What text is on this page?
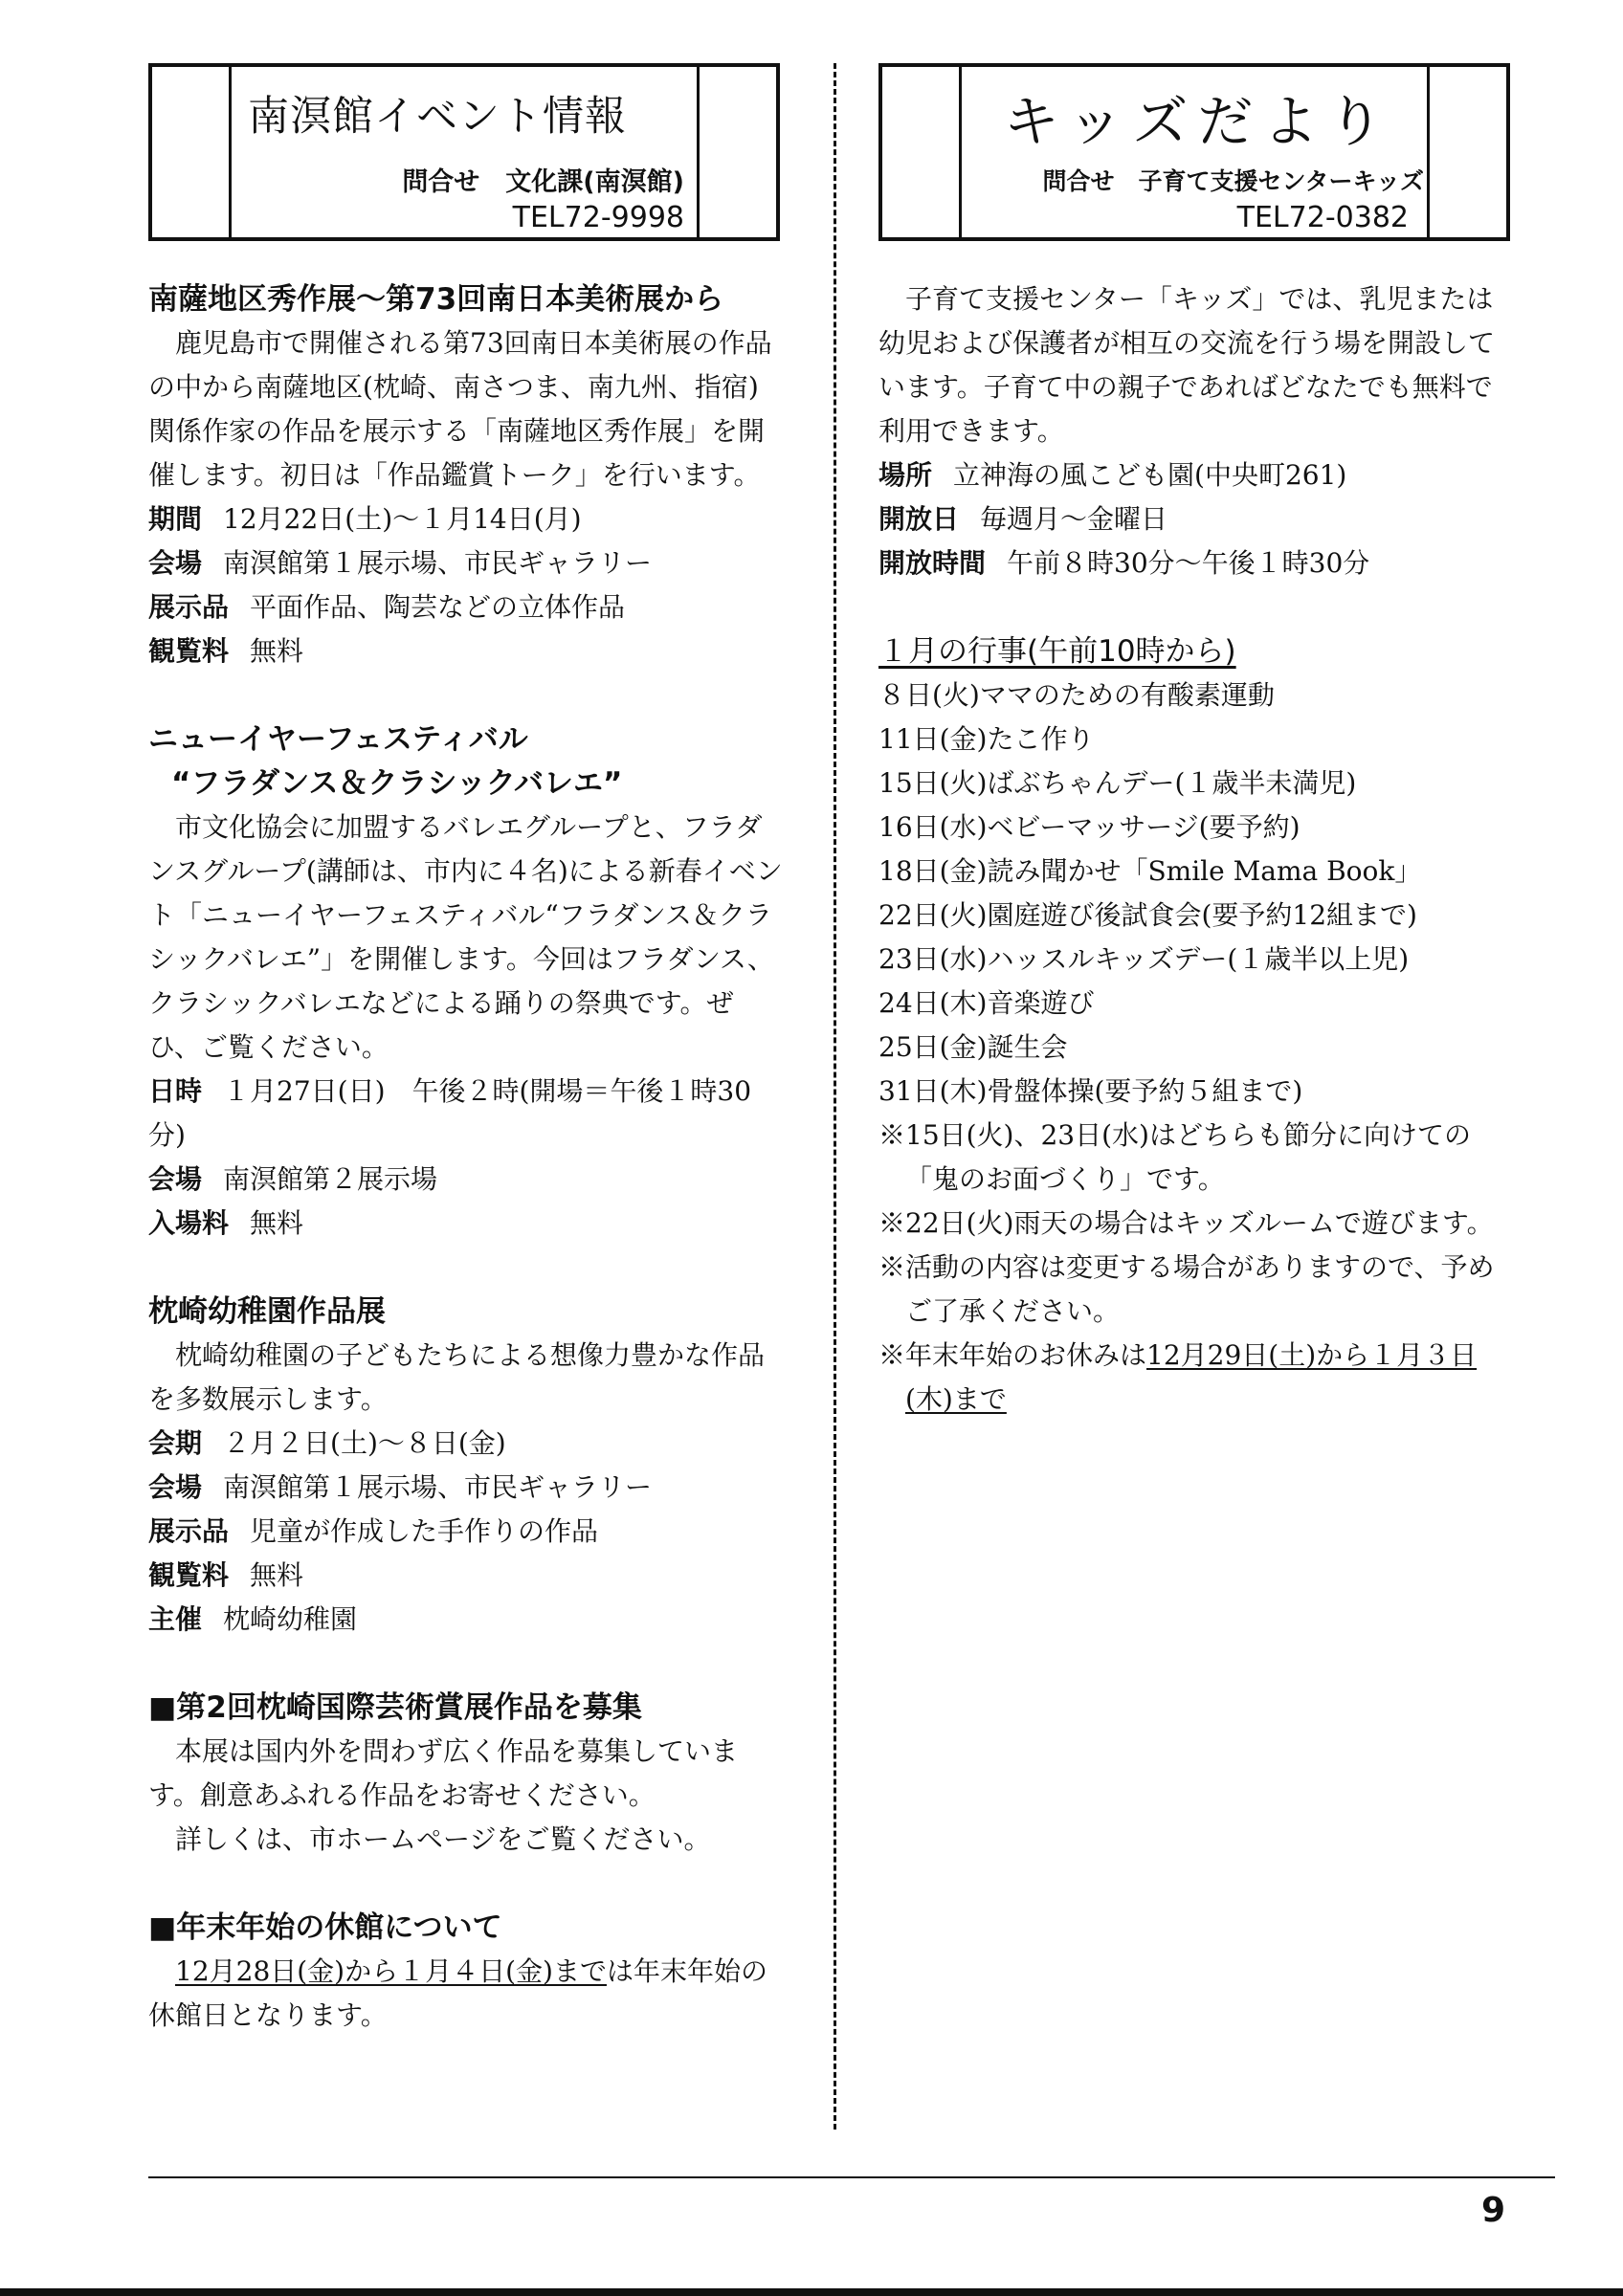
南溟館イベント情報
問合せ　文化課(南溟館)
TEL72-9998
南薩地区秀作展～第73回南日本美術展から

鹿児島市で開催される第73回南日本美術展の作品の中から南薩地区(枕崎、南さつま、南九州、指宿)関係作家の作品を展示する「南薩地区秀作展」を開催します。初日は「作品鑑賞トーク」を行います。

期間 12月22日(土)～１月14日(月)
会場 南溟館第１展示場、市民ギャラリー
展示品 平面作品、陶芸などの立体作品
観覧料 無料
ニューイヤーフェスティバル
“フラダンス＆クラシックバレエ”

市文化協会に加盟するバレエグループと、フラダンスグループ(講師は、市内に４名)による新春イベント「ニューイヤーフェスティバル“フラダンス＆クラシックバレエ”」を開催します。今回はフラダンス、クラシックバレエなどによる踊りの祭典です。ぜひ、ご覧ください。

日時 １月27日(日)　午後２時(開場＝午後１時30分)
会場 南溟館第２展示場
入場料 無料
枕崎幼稚園作品展

枕崎幼稚園の子どもたちによる想像力豊かな作品を多数展示します。

会期 ２月２日(土)～８日(金)
会場 南溟館第１展示場、市民ギャラリー
展示品 児童が作成した手作りの作品
観覧料 無料
主催 枕崎幼稚園
■第2回枕崎国際芸術賞展作品を募集

本展は国内外を問わず広く作品を募集しています。創意あふれる作品をお寄せください。

詳しくは、市ホームページをご覧ください。

■年末年始の休館について

12月28日(金)から１月４日(金)までは年末年始の休館日となります。

キッズだより
問合せ　子育て支援センターキッズ
TEL72-0382

子育て支援センター「キッズ」では、乳児または幼児および保護者が相互の交流を行う場を開設しています。子育て中の親子であればどなたでも無料で利用できます。

場所 立神海の風こども園(中央町261)
開放日 毎週月～金曜日
開放時間 午前８時30分～午後１時30分
１月の行事(午前10時から)
８日(火)ママのための有酸素運動
11日(金)たこ作り
15日(火)ばぶちゃんデー(１歳半未満児)
16日(水)ベビーマッサージ(要予約)
18日(金)読み聞かせ「Smile Mama Book」
22日(火)園庭遊び後試食会(要予約12組まで)
23日(水)ハッスルキッズデー(１歳半以上児)
24日(木)音楽遊び
25日(金)誕生会
31日(木)骨盤体操(要予約５組まで)
※15日(火)、23日(水)はどちらも節分に向けての「鬼のお面づくり」です。
※22日(火)雨天の場合はキッズルームで遊びます。
※活動の内容は変更する場合がありますので、予めご了承ください。
※年末年始のお休みは12月29日(土)から１月３日(木)まで
9
